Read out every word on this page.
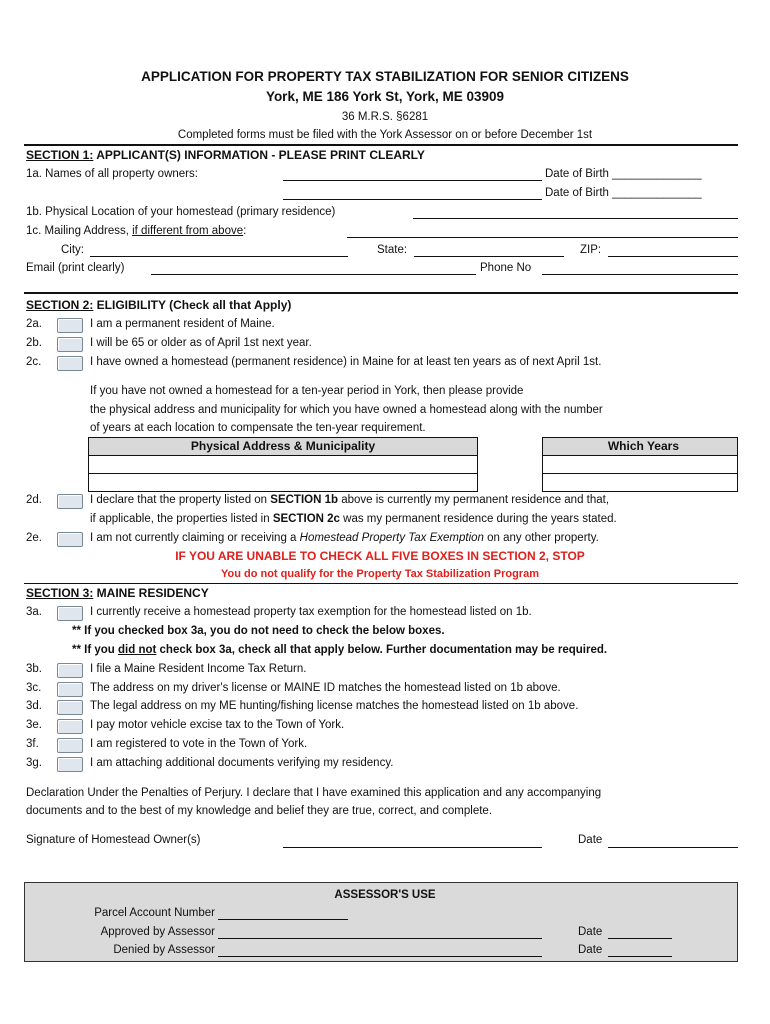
APPLICATION FOR PROPERTY TAX STABILIZATION FOR SENIOR CITIZENS
York, ME 186 York St, York, ME 03909
36 M.R.S. §6281
Completed forms must be filed with the York Assessor on or before December 1st
SECTION 1: APPLICANT(S) INFORMATION - PLEASE PRINT CLEARLY
1a. Names of all property owners:	Date of Birth ______________
Date of Birth ______________
1b. Physical Location of your homestead (primary residence)
1c. Mailing Address, if different from above:
City:	State:	ZIP:
Email (print clearly)	Phone No
SECTION 2: ELIGIBILITY (Check all that Apply)
2a.	I am a permanent resident of Maine.
2b.	I will be 65 or older as of April 1st next year.
2c.	I have owned a homestead (permanent residence) in Maine for at least ten years as of next April 1st.
If you have not owned a homestead for a ten-year period in York, then please provide
the physical address and municipality for which you have owned a homestead along with the number
of years at each location to compensate the ten-year requirement.
Physical Address & Municipality	Which Years
2d.	I declare that the property listed on SECTION 1b above is currently my permanent residence and that,
if applicable, the properties listed in SECTION 2c was my permanent residence during the years stated.
2e.	I am not currently claiming or receiving a Homestead Property Tax Exemption on any other property.
IF YOU ARE UNABLE TO CHECK ALL FIVE BOXES IN SECTION 2, STOP
You do not qualify for the Property Tax Stabilization Program
SECTION 3: MAINE RESIDENCY
3a.	I currently receive a homestead property tax exemption for the homestead listed on 1b.
** If you checked box 3a, you do not need to check the below boxes.
** If you did not check box 3a, check all that apply below. Further documentation may be required.
3b.	I file a Maine Resident Income Tax Return.
3c.	The address on my driver's license or MAINE ID matches the homestead listed on 1b above.
3d.	The legal address on my ME hunting/fishing license matches the homestead listed on 1b above.
3e.	I pay motor vehicle excise tax to the Town of York.
3f.	I am registered to vote in the Town of York.
3g.	I am attaching additional documents verifying my residency.
Declaration Under the Penalties of Perjury. I declare that I have examined this application and any accompanying
documents and to the best of my knowledge and belief they are true, correct, and complete.
Signature of Homestead Owner(s)	Date
ASSESSOR'S USE
Parcel Account Number
Approved by Assessor	Date
Denied by Assessor	Date
